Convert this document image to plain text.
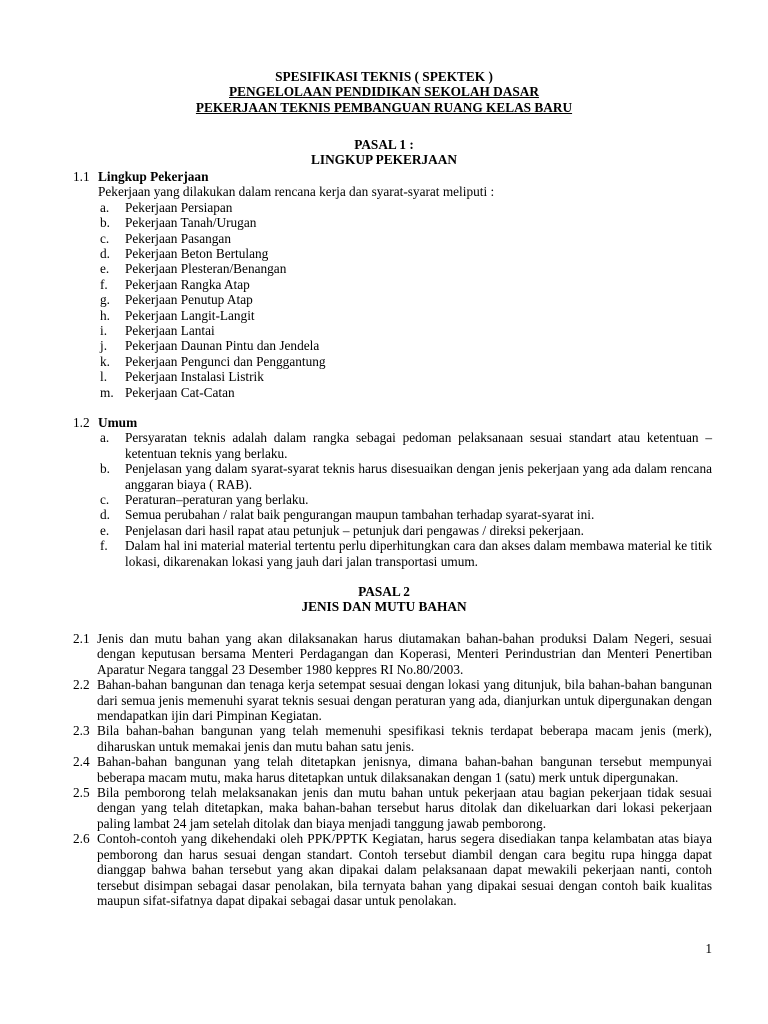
SPESIFIKASI TEKNIS ( SPEKTEK )
PENGELOLAAN PENDIDIKAN SEKOLAH DASAR
PEKERJAAN TEKNIS PEMBANGUAN RUANG KELAS BARU
PASAL 1 :
LINGKUP PEKERJAAN
1.1 Lingkup Pekerjaan
Pekerjaan yang dilakukan dalam rencana kerja dan syarat-syarat meliputi :
a.	Pekerjaan Persiapan
b.	Pekerjaan Tanah/Urugan
c.	Pekerjaan Pasangan
d.	Pekerjaan Beton Bertulang
e.	Pekerjaan Plesteran/Benangan
f.	Pekerjaan Rangka Atap
g.	Pekerjaan Penutup Atap
h.	Pekerjaan Langit-Langit
i.	Pekerjaan Lantai
j.	Pekerjaan Daunan Pintu dan Jendela
k.	Pekerjaan Pengunci dan Penggantung
l.	Pekerjaan Instalasi Listrik
m. Pekerjaan Cat-Catan
1.2 Umum
a.	Persyaratan teknis adalah dalam rangka sebagai pedoman pelaksanaan sesuai standart atau ketentuan – ketentuan teknis yang berlaku.
b.	Penjelasan yang dalam syarat-syarat teknis harus disesuaikan dengan jenis pekerjaan yang ada dalam rencana anggaran biaya ( RAB).
c.	Peraturan–peraturan yang berlaku.
d.	Semua perubahan / ralat baik pengurangan maupun tambahan terhadap syarat-syarat ini.
e.	Penjelasan dari hasil rapat atau petunjuk – petunjuk dari pengawas / direksi pekerjaan.
f.	Dalam hal ini material material tertentu perlu diperhitungkan cara dan akses dalam membawa material ke titik lokasi, dikarenakan lokasi yang jauh dari jalan transportasi umum.
PASAL 2
JENIS DAN MUTU BAHAN
2.1 Jenis dan mutu bahan yang akan dilaksanakan harus diutamakan bahan-bahan produksi Dalam Negeri, sesuai dengan keputusan bersama Menteri Perdagangan dan Koperasi, Menteri Perindustrian dan Menteri Penertiban Aparatur Negara tanggal 23 Desember 1980 keppres RI No.80/2003.
2.2 Bahan-bahan bangunan dan tenaga kerja setempat sesuai dengan lokasi yang ditunjuk, bila bahan-bahan bangunan dari semua jenis memenuhi syarat teknis sesuai dengan peraturan yang ada, dianjurkan untuk dipergunakan dengan mendapatkan ijin dari Pimpinan Kegiatan.
2.3 Bila bahan-bahan bangunan yang telah memenuhi spesifikasi teknis terdapat beberapa macam jenis (merk), diharuskan untuk memakai jenis dan mutu bahan satu jenis.
2.4 Bahan-bahan bangunan yang telah ditetapkan jenisnya, dimana bahan-bahan bangunan tersebut mempunyai beberapa macam mutu, maka harus ditetapkan untuk dilaksanakan dengan 1 (satu) merk untuk dipergunakan.
2.5 Bila pemborong telah melaksanakan jenis dan mutu bahan untuk pekerjaan atau bagian pekerjaan tidak sesuai dengan yang telah ditetapkan, maka bahan-bahan tersebut harus ditolak dan dikeluarkan dari lokasi pekerjaan paling lambat 24 jam setelah ditolak dan biaya menjadi tanggung jawab pemborong.
2.6 Contoh-contoh yang dikehendaki oleh PPK/PPTK Kegiatan, harus segera disediakan tanpa kelambatan atas biaya pemborong dan harus sesuai dengan standart. Contoh tersebut diambil dengan cara begitu rupa hingga dapat dianggap bahwa bahan tersebut yang akan dipakai dalam pelaksanaan dapat mewakili pekerjaan nanti, contoh tersebut disimpan sebagai dasar penolakan, bila ternyata bahan yang dipakai sesuai dengan contoh baik kualitas maupun sifat-sifatnya dapat dipakai sebagai dasar untuk penolakan.
1
